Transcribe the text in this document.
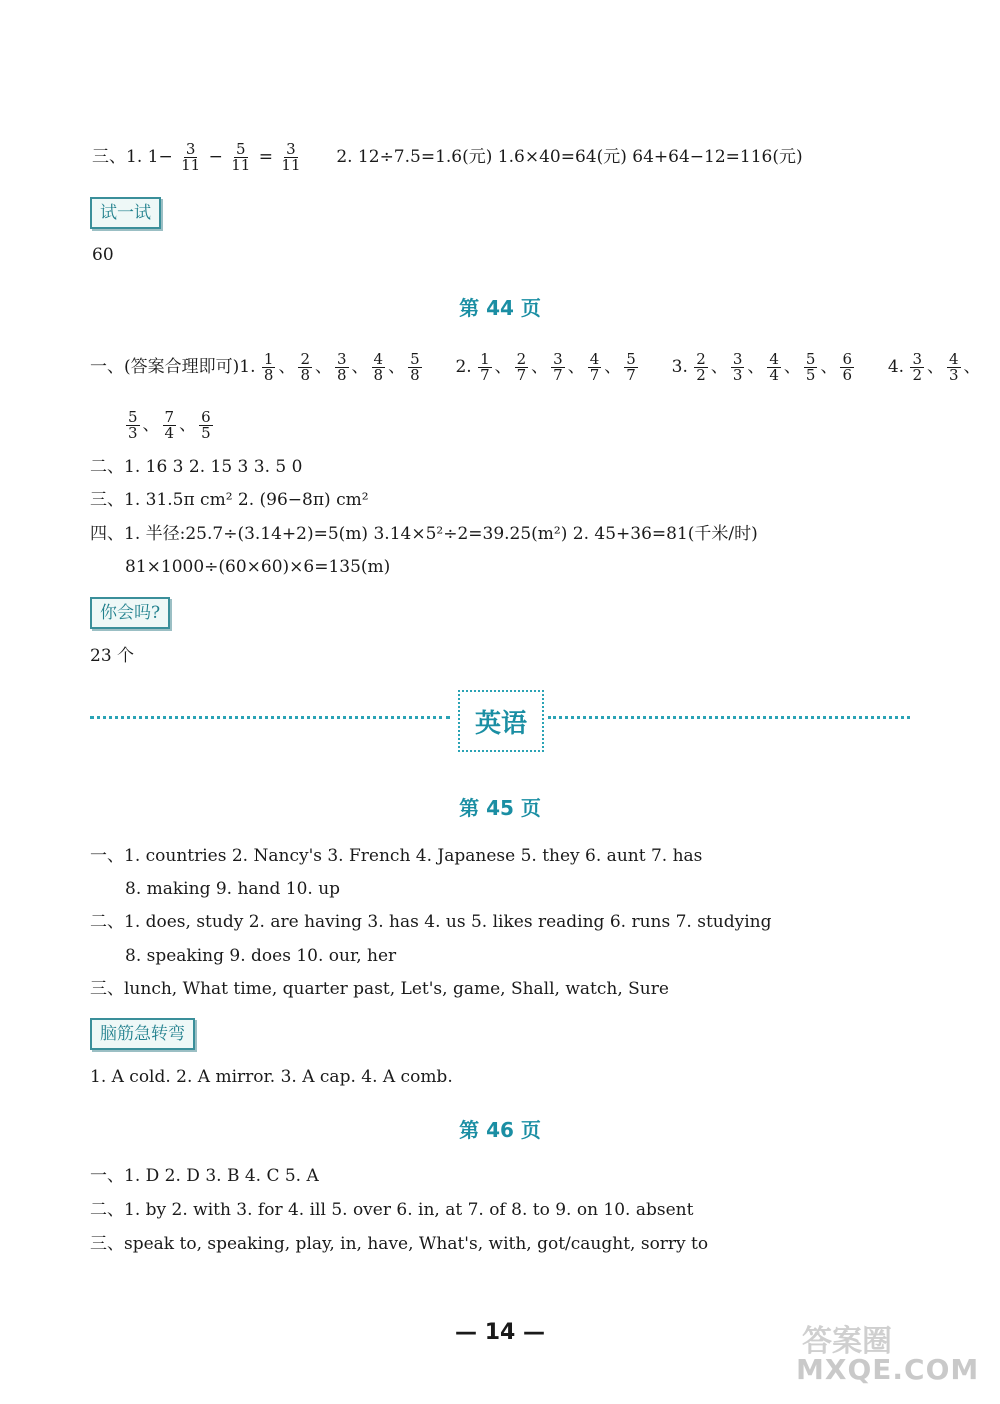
三、1. $1- \frac{3}{11} - \frac{5}{11} = \frac{3}{11} 2$. 12÷7.5=1.6(元) 1.6×40=64(元) 64+64−12=116(元)
试一试
60
第 44 页
一、(答案合理即可)1. $\frac{1}{8}$ 、 $\frac{2}{8}$ 、 $\frac{3}{8}$ 、 $\frac{4}{8}$ 、 $\frac{5}{8} 2$. $\frac{1}{7}$ 、 $\frac{2}{7}$ 、 $\frac{3}{7}$ 、 $\frac{4}{7}$ 、 $\frac{5}{7} 3$. $\frac{2}{2}$ 、 $\frac{3}{3}$ 、 $\frac{4}{4}$ 、 $\frac{5}{5}$ 、 $\frac{6}{6} 4$. $\frac{3}{2}$ 、 $\frac{4}{3}$ 、
$\frac{5}{3}$ 、 $\frac{7}{4}$ 、 $\frac{6}{5}$
二、1. 16 3 2. 15 3 3. 5 0
三、1. 31.5π cm² 2. (96−8π) cm²
四、1. 半径:25.7÷(3.14+2)=5(m) 3.14×5²÷2=39.25(m²) 2. 45+36=81(千米/时)
81×1000÷(60×60)×6=135(m)
你会吗?
23 个
英语
第 45 页
一、1. countries 2. Nancy's 3. French 4. Japanese 5. they 6. aunt 7. has
8. making 9. hand 10. up
二、1. does, study 2. are having 3. has 4. us 5. likes reading 6. runs 7. studying
8. speaking 9. does 10. our, her
三、lunch, What time, quarter past, Let's, game, Shall, watch, Sure
脑筋急转弯
1. A cold. 2. A mirror. 3. A cap. 4. A comb.
第 46 页
一、1. D 2. D 3. B 4. C 5. A
二、1. by 2. with 3. for 4. ill 5. over 6. in, at 7. of 8. to 9. on 10. absent
三、speak to, speaking, play, in, have, What's, with, got/caught, sorry to
— 14 —	答案圈
MXQE.COM
